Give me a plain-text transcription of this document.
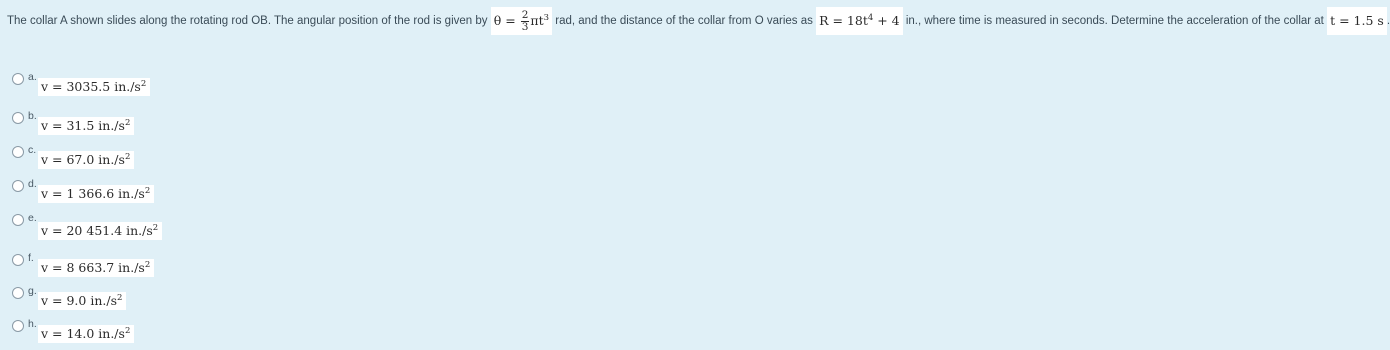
The collar A shown slides along the rotating rod OB. The angular position of the rod is given by $\theta = \frac{2}{3} \pi t^3$ rad, and the distance of the collar from O varies as $R = 18t^4 + 4$ in., where time is measured in seconds. Determine the acceleration of the collar at t = 1.5 s .
a.
v = 3035.5 $in./s^2$
b.
v = 31.5 $in./s^2$
c.
v = 67.0 $in./s^2$
d.
v = 1 366.6 $in./s^2$
e.
v = 20 451.4 $in./s^2$
f.
v = 8 663.7 $in./s^2$
g.
v = 9.0 $in./s^2$
h.
v = 14.0 $in./s^2$
